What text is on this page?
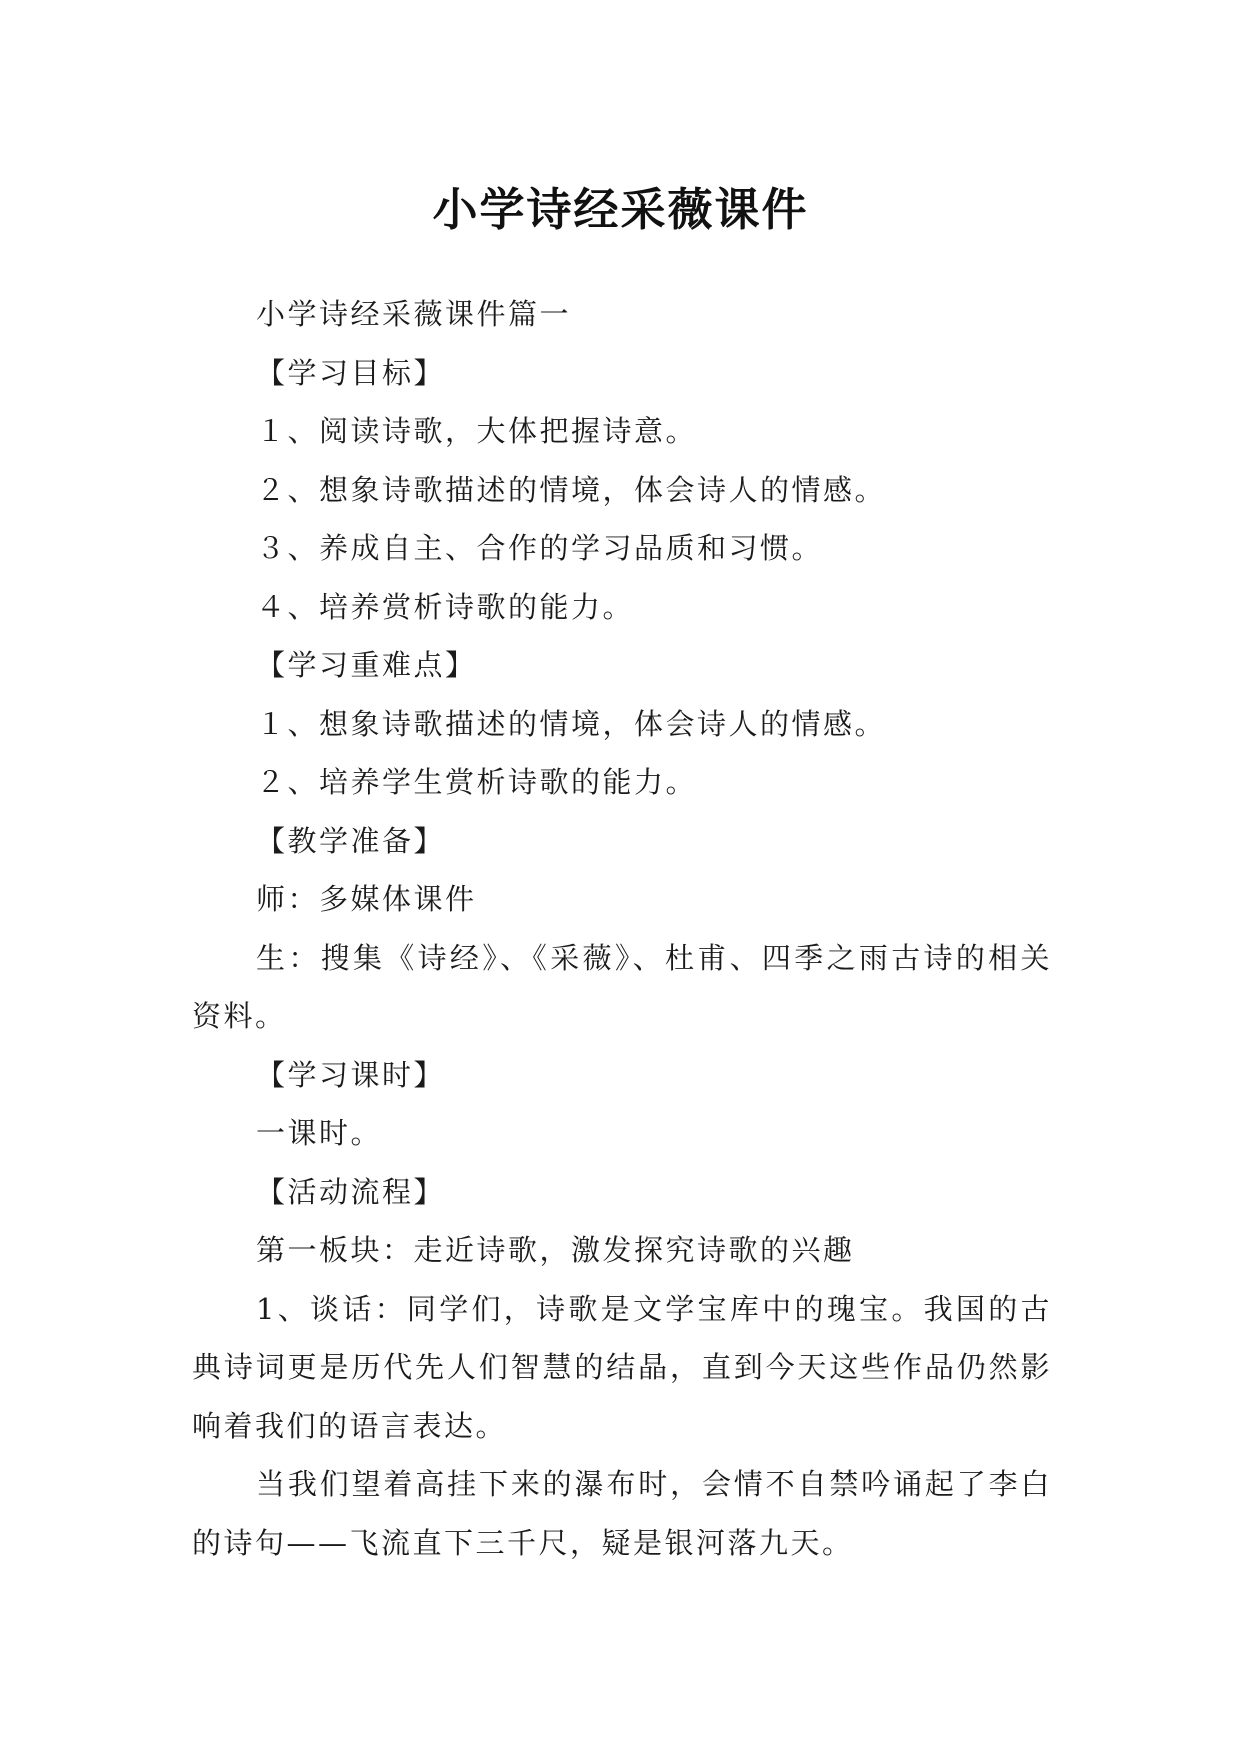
小学诗经采薇课件

小学诗经采薇课件篇一

【学习目标】

１、阅读诗歌，大体把握诗意。

２、想象诗歌描述的情境，体会诗人的情感。

３、养成自主、合作的学习品质和习惯。

４、培养赏析诗歌的能力。

【学习重难点】

１、想象诗歌描述的情境，体会诗人的情感。

２、培养学生赏析诗歌的能力。

【教学准备】

师：多媒体课件

生：搜集《诗经》、《采薇》、杜甫、四季之雨古诗的相关资料。

【学习课时】

一课时。

【活动流程】

第一板块：走近诗歌，激发探究诗歌的兴趣

1、谈话：同学们，诗歌是文学宝库中的瑰宝。我国的古典诗词更是历代先人们智慧的结晶，直到今天这些作品仍然影响着我们的语言表达。

当我们望着高挂下来的瀑布时，会情不自禁吟诵起了李白的诗句——飞流直下三千尺，疑是银河落九天。
